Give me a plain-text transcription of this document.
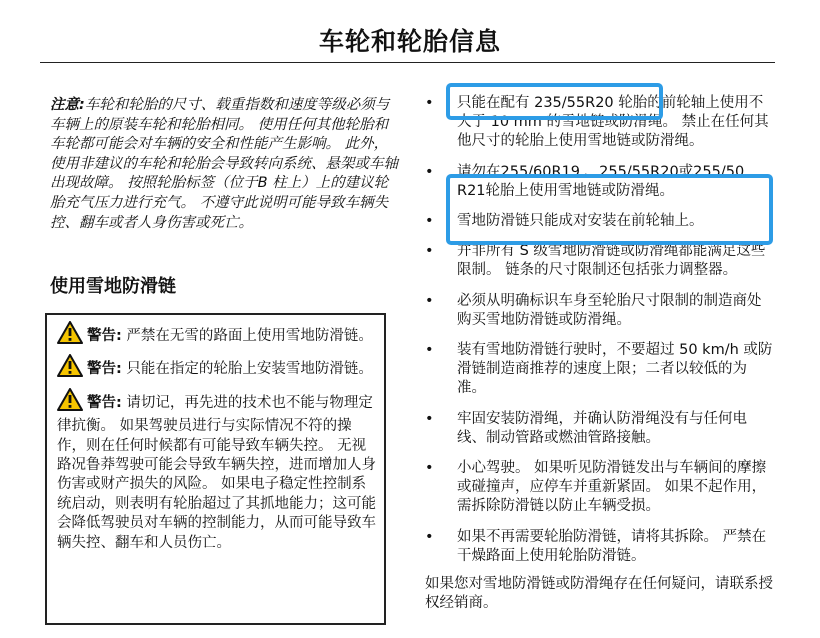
车轮和轮胎信息
注意:车轮和轮胎的尺寸、载重指数和速度等级必须与车辆上的原装车轮和轮胎相同。 使用任何其他轮胎和车轮都可能会对车辆的安全和性能产生影响。 此外，使用非建议的车轮和轮胎会导致转向系统、悬架或车轴出现故障。 按照轮胎标签（位于B 柱上）上的建议轮胎充气压力进行充气。 不遵守此说明可能导致车辆失控、翻车或者人身伤害或死亡。
使用雪地防滑链
警告: 严禁在无雪的路面上使用雪地防滑链。
警告: 只能在指定的轮胎上安装雪地防滑链。
警告: 请切记，再先进的技术也不能与物理定律抗衡。 如果驾驶员进行与实际情况不符的操作，则在任何时候都有可能导致车辆失控。 无视路况鲁莽驾驶可能会导致车辆失控，进而增加人身伤害或财产损失的风险。 如果电子稳定性控制系统启动，则表明有轮胎超过了其抓地能力；这可能会降低驾驶员对车辆的控制能力，从而可能导致车辆失控、翻车和人员伤亡。
• 只能在配有 235/55R20 轮胎的前轮轴上使用不大于 10 mm 的雪地链或防滑绳。 禁止在任何其他尺寸的轮胎上使用雪地链或防滑绳。
• 请勿在255/60R19 、255/55R20或255/50 R21轮胎上使用雪地链或防滑绳。
• 雪地防滑链只能成对安装在前轮轴上。
• 并非所有 S 级雪地防滑链或防滑绳都能满足这些限制。 链条的尺寸限制还包括张力调整器。
• 必须从明确标识车身至轮胎尺寸限制的制造商处购买雪地防滑链或防滑绳。
• 装有雪地防滑链行驶时，不要超过 50 km/h 或防滑链制造商推荐的速度上限；二者以较低的为准。
• 牢固安装防滑绳，并确认防滑绳没有与任何电线、制动管路或燃油管路接触。
• 小心驾驶。 如果听见防滑链发出与车辆间的摩擦或碰撞声，应停车并重新紧固。 如果不起作用，需拆除防滑链以防止车辆受损。
• 如果不再需要轮胎防滑链，请将其拆除。 严禁在干燥路面上使用轮胎防滑链。
如果您对雪地防滑链或防滑绳存在任何疑问，请联系授权经销商。
